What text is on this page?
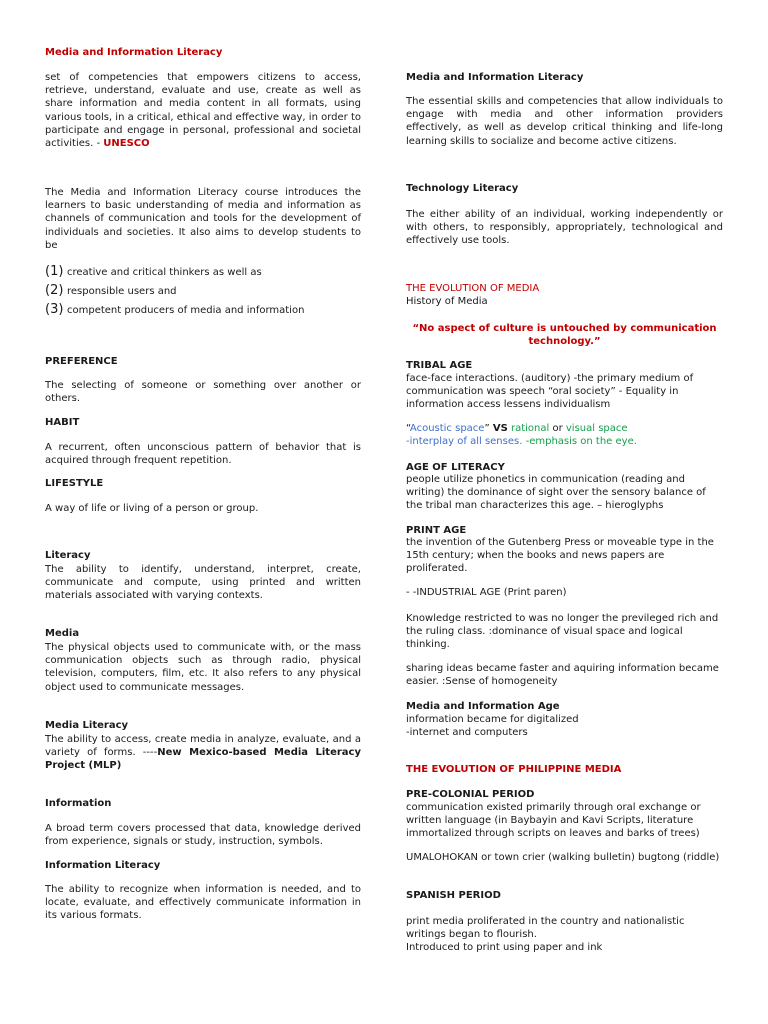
Media and Information Literacy

set of competencies that empowers citizens to access, retrieve, understand, evaluate and use, create as well as share information and media content in all formats, using various tools, in a critical, ethical and effective way, in order to participate and engage in personal, professional and societal activities. - UNESCO

The Media and Information Literacy course introduces the learners to basic understanding of media and information as channels of communication and tools for the development of individuals and societies. It also aims to develop students to be

(1) creative and critical thinkers as well as
(2) responsible users and
(3) competent producers of media and information

PREFERENCE

The selecting of someone or something over another or others.

HABIT

A recurrent, often unconscious pattern of behavior that is acquired through frequent repetition.

LIFESTYLE

A way of life or living of a person or group.

Literacy

The ability to identify, understand, interpret, create, communicate and compute, using printed and written materials associated with varying contexts.

Media

The physical objects used to communicate with, or the mass communication objects such as through radio, physical television, computers, film, etc. It also refers to any physical object used to communicate messages.

Media Literacy

The ability to access, create media in analyze, evaluate, and a variety of forms. ----New Mexico-based Media Literacy Project (MLP)

Information

A broad term covers processed that data, knowledge derived from experience, signals or study, instruction, symbols.

Information Literacy

The ability to recognize when information is needed, and to locate, evaluate, and effectively communicate information in its various formats.

Media and Information Literacy

The essential skills and competencies that allow individuals to engage with media and other information providers effectively, as well as develop critical thinking and life-long learning skills to socialize and become active citizens.

Technology Literacy

The either ability of an individual, working independently or with others, to responsibly, appropriately, technological and effectively use tools.

THE EVOLUTION OF MEDIA

History of Media

“No aspect of culture is untouched by communication technology.”

TRIBAL AGE

face-face interactions. (auditory) -the primary medium of communication was speech “oral society” - Equality in information access lessens individualism

“Acoustic space” VS rational or visual space

-interplay of all senses. -emphasis on the eye.

AGE OF LITERACY

peopIe utilize phonetics in communication (reading and writing) the dominance of sight over the sensory balance of the tribal man characterizes this age. – hieroglyphs

PRINT AGE

the invention of the Gutenberg Press or moveable type in the 15th century; when the books and news papers are proliferated.

- -INDUSTRIAL AGE (Print paren)

Knowledge restricted to was no longer the previleged rich and the ruling class. :dominance of visual space and logical thinking.

sharing ideas became faster and aquiring information became easier. :Sense of homogeneity

Media and Information Age

information became for digitalized

-internet and computers

THE EVOLUTION OF PHILIPPINE MEDIA

PRE-COLONIAL PERIOD

communication existed primarily through oral exchange or written language (in Baybayin and Kavi Scripts, literature immortalized through scripts on leaves and barks of trees)

UMALOHOKAN or town crier (walking bulletin) bugtong (riddle)

SPANISH PERIOD

print media proliferated in the country and nationalistic writings began to flourish.

Introduced to print using paper and ink
